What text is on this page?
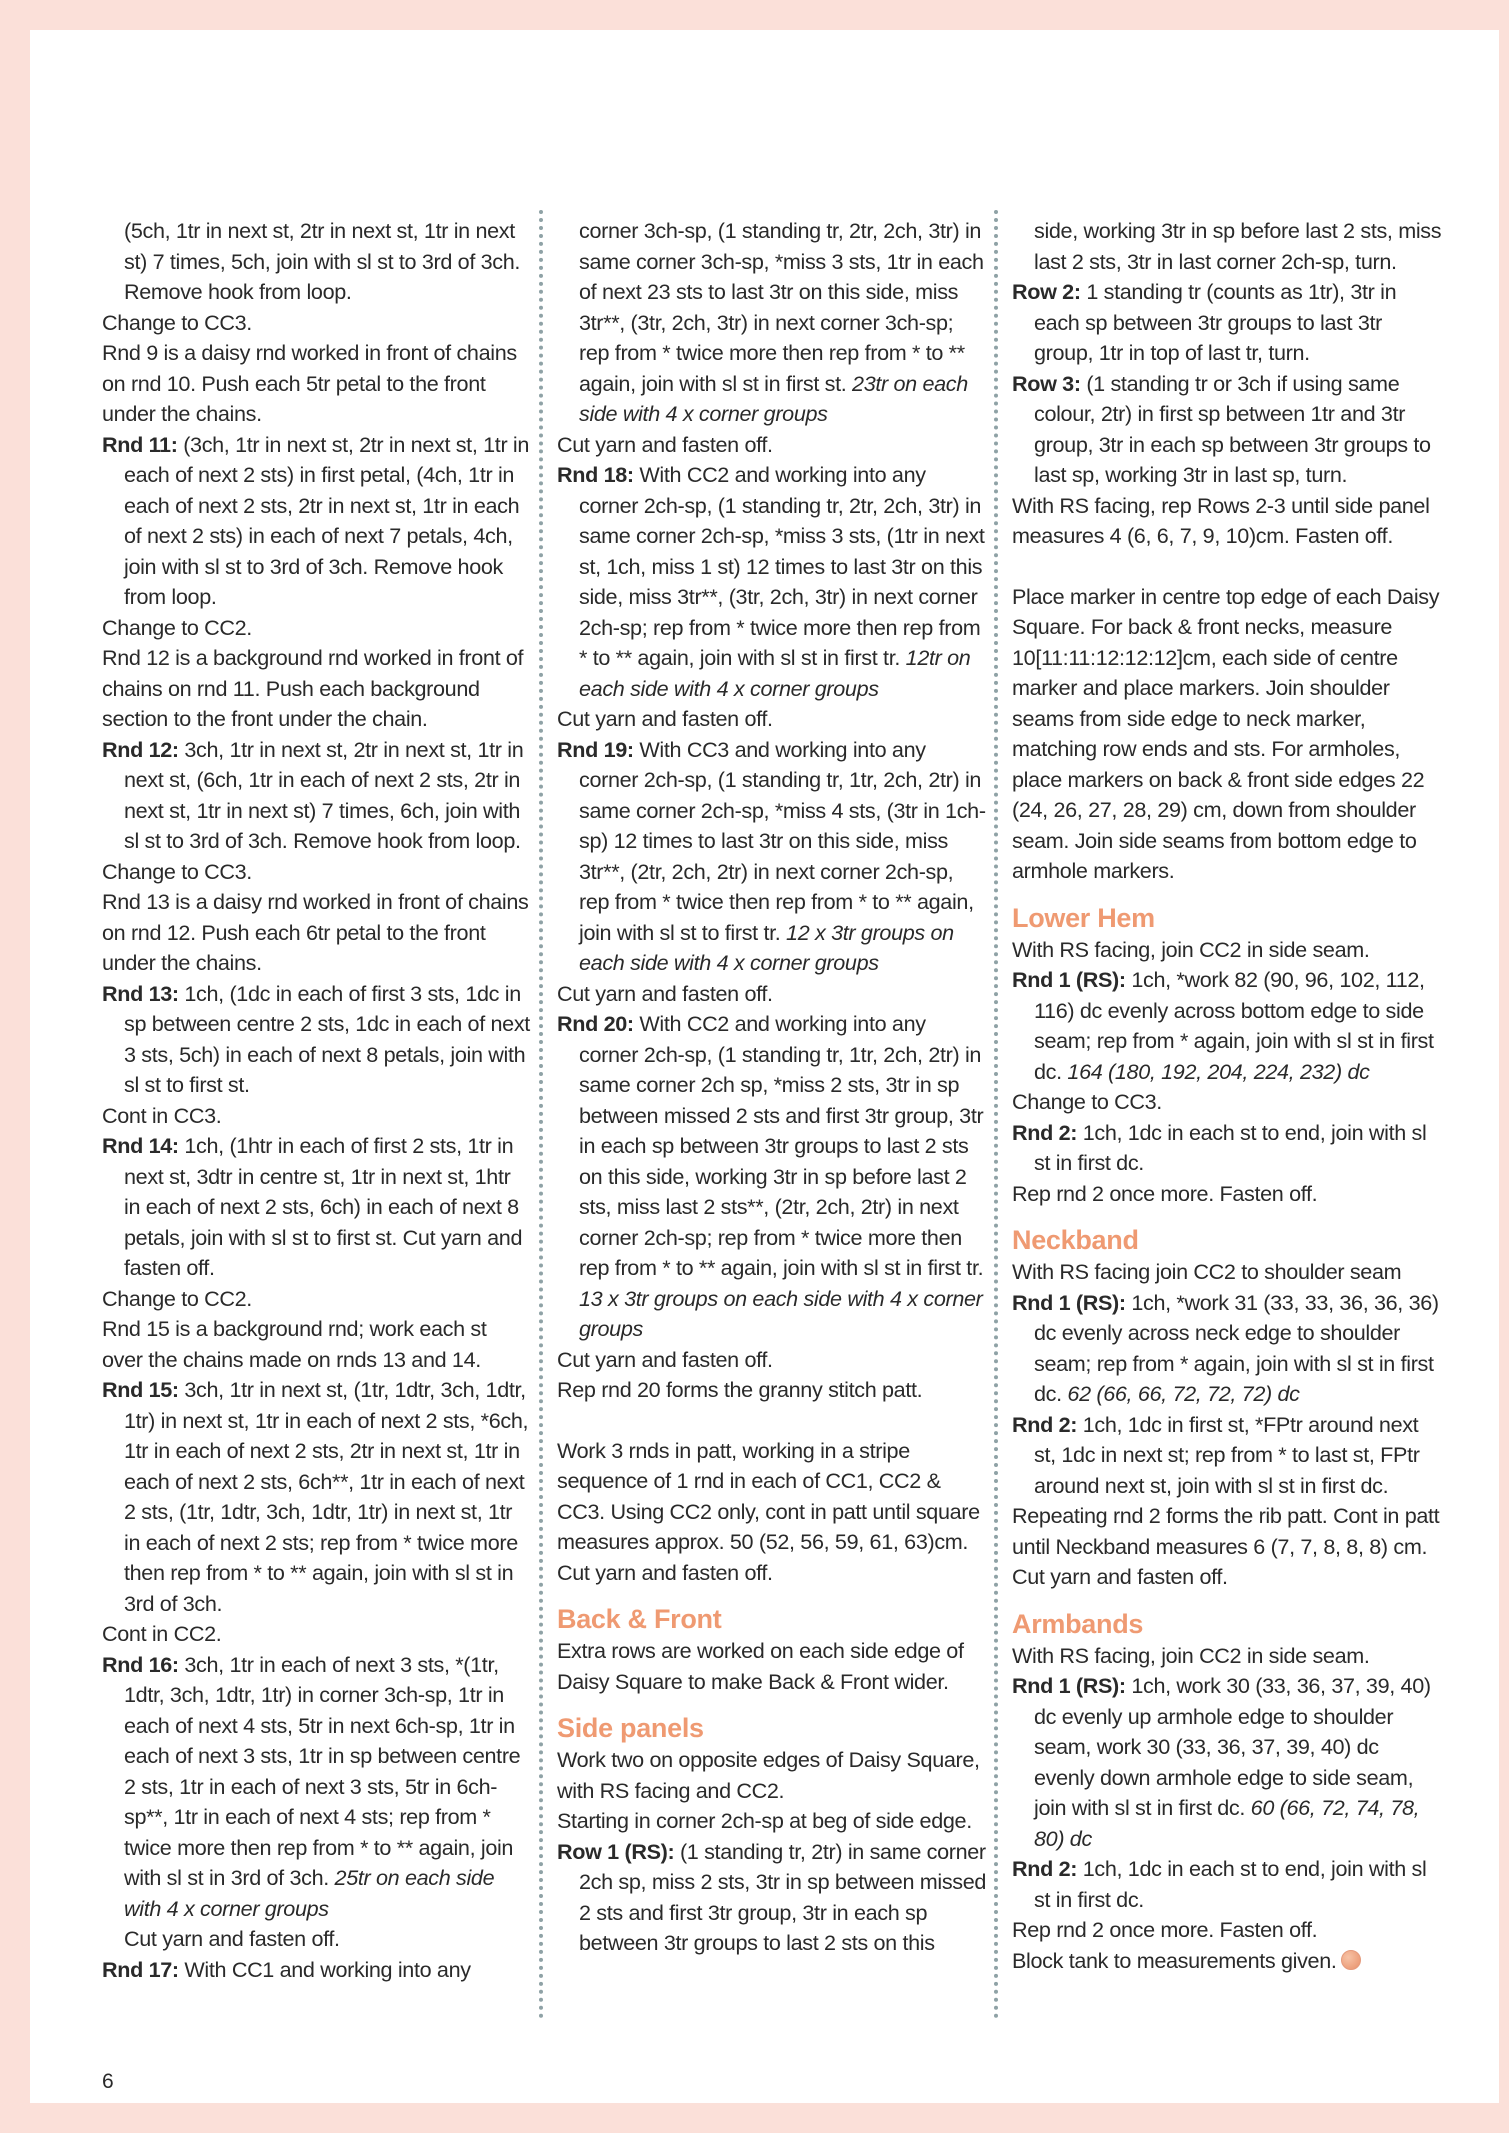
(5ch, 1tr in next st, 2tr in next st, 1tr in next st) 7 times, 5ch, join with sl st to 3rd of 3ch. Remove hook from loop.

Change to CC3.

Rnd 9 is a daisy rnd worked in front of chains on rnd 10. Push each 5tr petal to the front under the chains.

Rnd 11: (3ch, 1tr in next st, 2tr in next st, 1tr in each of next 2 sts) in first petal, (4ch, 1tr in each of next 2 sts, 2tr in next st, 1tr in each of next 2 sts) in each of next 7 petals, 4ch, join with sl st to 3rd of 3ch. Remove hook from loop.

Change to CC2.

Rnd 12 is a background rnd worked in front of chains on rnd 11. Push each background section to the front under the chain.

Rnd 12: 3ch, 1tr in next st, 2tr in next st, 1tr in next st, (6ch, 1tr in each of next 2 sts, 2tr in next st, 1tr in next st) 7 times, 6ch, join with sl st to 3rd of 3ch. Remove hook from loop.

Change to CC3.

Rnd 13 is a daisy rnd worked in front of chains on rnd 12. Push each 6tr petal to the front under the chains.

Rnd 13: 1ch, (1dc in each of first 3 sts, 1dc in sp between centre 2 sts, 1dc in each of next 3 sts, 5ch) in each of next 8 petals, join with sl st to first st.

Cont in CC3.

Rnd 14: 1ch, (1htr in each of first 2 sts, 1tr in next st, 3dtr in centre st, 1tr in next st, 1htr in each of next 2 sts, 6ch) in each of next 8 petals, join with sl st to first st. Cut yarn and fasten off.

Change to CC2.

Rnd 15 is a background rnd; work each st over the chains made on rnds 13 and 14.

Rnd 15: 3ch, 1tr in next st, (1tr, 1dtr, 3ch, 1dtr, 1tr) in next st, 1tr in each of next 2 sts, *6ch, 1tr in each of next 2 sts, 2tr in next st, 1tr in each of next 2 sts, 6ch**, 1tr in each of next 2 sts, (1tr, 1dtr, 3ch, 1dtr, 1tr) in next st, 1tr in each of next 2 sts; rep from * twice more then rep from * to ** again, join with sl st in 3rd of 3ch.

Cont in CC2.

Rnd 16: 3ch, 1tr in each of next 3 sts, *(1tr, 1dtr, 3ch, 1dtr, 1tr) in corner 3ch-sp, 1tr in each of next 4 sts, 5tr in next 6ch-sp, 1tr in each of next 3 sts, 1tr in sp between centre 2 sts, 1tr in each of next 3 sts, 5tr in 6ch-sp**, 1tr in each of next 4 sts; rep from * twice more then rep from * to ** again, join with sl st in 3rd of 3ch. 25tr on each side with 4 x corner groups

Cut yarn and fasten off.

Rnd 17: With CC1 and working into any

corner 3ch-sp, (1 standing tr, 2tr, 2ch, 3tr) in same corner 3ch-sp, *miss 3 sts, 1tr in each of next 23 sts to last 3tr on this side, miss 3tr**, (3tr, 2ch, 3tr) in next corner 3ch-sp; rep from * twice more then rep from * to ** again, join with sl st in first st. 23tr on each side with 4 x corner groups

Cut yarn and fasten off.

Rnd 18: With CC2 and working into any corner 2ch-sp, (1 standing tr, 2tr, 2ch, 3tr) in same corner 2ch-sp, *miss 3 sts, (1tr in next st, 1ch, miss 1 st) 12 times to last 3tr on this side, miss 3tr**, (3tr, 2ch, 3tr) in next corner 2ch-sp; rep from * twice more then rep from * to ** again, join with sl st in first tr. 12tr on each side with 4 x corner groups

Cut yarn and fasten off.

Rnd 19: With CC3 and working into any corner 2ch-sp, (1 standing tr, 1tr, 2ch, 2tr) in same corner 2ch-sp, *miss 4 sts, (3tr in 1ch-sp) 12 times to last 3tr on this side, miss 3tr**, (2tr, 2ch, 2tr) in next corner 2ch-sp, rep from * twice then rep from * to ** again, join with sl st to first tr. 12 x 3tr groups on each side with 4 x corner groups

Cut yarn and fasten off.

Rnd 20: With CC2 and working into any corner 2ch-sp, (1 standing tr, 1tr, 2ch, 2tr) in same corner 2ch sp, *miss 2 sts, 3tr in sp between missed 2 sts and first 3tr group, 3tr in each sp between 3tr groups to last 2 sts on this side, working 3tr in sp before last 2 sts, miss last 2 sts**, (2tr, 2ch, 2tr) in next corner 2ch-sp; rep from * twice more then rep from * to ** again, join with sl st in first tr. 13 x 3tr groups on each side with 4 x corner groups

Cut yarn and fasten off.

Rep rnd 20 forms the granny stitch patt.

Work 3 rnds in patt, working in a stripe sequence of 1 rnd in each of CC1, CC2 & CC3. Using CC2 only, cont in patt until square measures approx. 50 (52, 56, 59, 61, 63)cm. Cut yarn and fasten off.

Back & Front

Extra rows are worked on each side edge of Daisy Square to make Back & Front wider.

Side panels

Work two on opposite edges of Daisy Square, with RS facing and CC2.

Starting in corner 2ch-sp at beg of side edge.

Row 1 (RS): (1 standing tr, 2tr) in same corner 2ch sp, miss 2 sts, 3tr in sp between missed 2 sts and first 3tr group, 3tr in each sp between 3tr groups to last 2 sts on this

side, working 3tr in sp before last 2 sts, miss last 2 sts, 3tr in last corner 2ch-sp, turn.

Row 2: 1 standing tr (counts as 1tr), 3tr in each sp between 3tr groups to last 3tr group, 1tr in top of last tr, turn.

Row 3: (1 standing tr or 3ch if using same colour, 2tr) in first sp between 1tr and 3tr group, 3tr in each sp between 3tr groups to last sp, working 3tr in last sp, turn.

With RS facing, rep Rows 2-3 until side panel measures 4 (6, 6, 7, 9, 10)cm. Fasten off.

Place marker in centre top edge of each Daisy Square. For back & front necks, measure 10[11:11:12:12:12]cm, each side of centre marker and place markers. Join shoulder seams from side edge to neck marker, matching row ends and sts. For armholes, place markers on back & front side edges 22 (24, 26, 27, 28, 29) cm, down from shoulder seam. Join side seams from bottom edge to armhole markers.

Lower Hem

With RS facing, join CC2 in side seam.

Rnd 1 (RS): 1ch, *work 82 (90, 96, 102, 112, 116) dc evenly across bottom edge to side seam; rep from * again, join with sl st in first dc. 164 (180, 192, 204, 224, 232) dc

Change to CC3.

Rnd 2: 1ch, 1dc in each st to end, join with sl st in first dc.

Rep rnd 2 once more. Fasten off.

Neckband

With RS facing join CC2 to shoulder seam

Rnd 1 (RS): 1ch, *work 31 (33, 33, 36, 36, 36) dc evenly across neck edge to shoulder seam; rep from * again, join with sl st in first dc. 62 (66, 66, 72, 72, 72) dc

Rnd 2: 1ch, 1dc in first st, *FPtr around next st, 1dc in next st; rep from * to last st, FPtr around next st, join with sl st in first dc.

Repeating rnd 2 forms the rib patt. Cont in patt until Neckband measures 6 (7, 7, 8, 8, 8) cm. Cut yarn and fasten off.

Armbands

With RS facing, join CC2 in side seam.

Rnd 1 (RS): 1ch, work 30 (33, 36, 37, 39, 40) dc evenly up armhole edge to shoulder seam, work 30 (33, 36, 37, 39, 40) dc evenly down armhole edge to side seam, join with sl st in first dc. 60 (66, 72, 74, 78, 80) dc

Rnd 2: 1ch, 1dc in each st to end, join with sl st in first dc.

Rep rnd 2 once more. Fasten off.

Block tank to measurements given.

6
